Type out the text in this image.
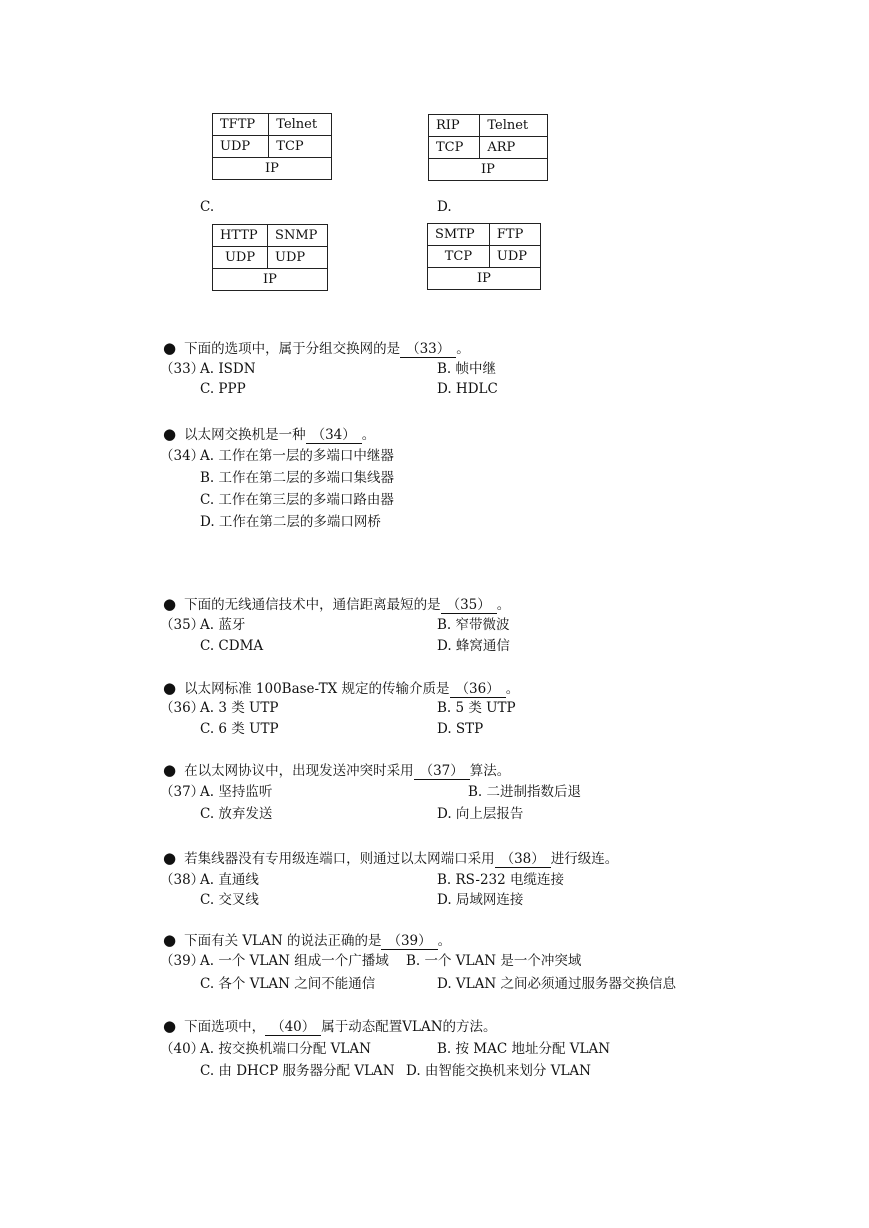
TFTP	Telnet
UDP	TCP
IP	
RIP	Telnet
TCP	ARP
IP	
C.	D.
HTTP	SNMP
UDP	UDP
IP	
SMTP	FTP
TCP	UDP
IP	
● 下面的选项中，属于分组交换网的是 （33） 。
（33）
A. ISDN	B. 帧中继
C. PPP	D. HDLC
● 以太网交换机是一种 （34） 。
（34）
A. 工作在第一层的多端口中继器
B. 工作在第二层的多端口集线器
C. 工作在第三层的多端口路由器
D. 工作在第二层的多端口网桥
● 下面的无线通信技术中，通信距离最短的是 （35） 。
（35）
A. 蓝牙	B. 窄带微波
C. CDMA	D. 蜂窝通信
● 以太网标准 100Base-TX 规定的传输介质是 （36） 。
（36）
A. 3 类 UTP	B. 5 类 UTP
C. 6 类 UTP	D. STP
● 在以太网协议中，出现发送冲突时采用 （37） 算法。
（37）
A. 坚持监听	B. 二进制指数后退
C. 放弃发送	D. 向上层报告
● 若集线器没有专用级连端口，则通过以太网端口采用 （38） 进行级连。
（38）
A. 直通线	B. RS-232 电缆连接
C. 交叉线	D. 局域网连接
● 下面有关 VLAN 的说法正确的是 （39） 。
（39）
A. 一个 VLAN 组成一个广播域 B. 一个 VLAN 是一个冲突域
C. 各个 VLAN 之间不能通信	D. VLAN 之间必须通过服务器交换信息
● 下面选项中， （40） 属于动态配置VLAN的方法。
（40）
A. 按交换机端口分配 VLAN	B. 按 MAC 地址分配 VLAN
C. 由 DHCP 服务器分配 VLAN D. 由智能交换机来划分 VLAN
